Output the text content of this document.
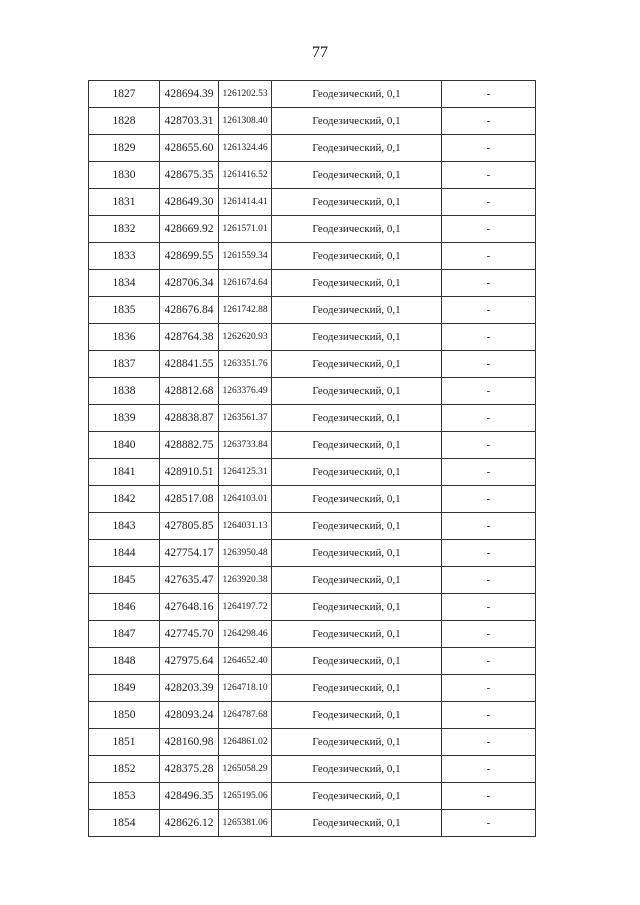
77
1827	428694.39	1261202.53	Геодезический, 0,1	-
1828	428703.31	1261308.40	Геодезический, 0,1	-
1829	428655.60	1261324.46	Геодезический, 0,1	-
1830	428675.35	1261416.52	Геодезический, 0,1	-
1831	428649.30	1261414.41	Геодезический, 0,1	-
1832	428669.92	1261571.01	Геодезический, 0,1	-
1833	428699.55	1261559.34	Геодезический, 0,1	-
1834	428706.34	1261674.64	Геодезический, 0,1	-
1835	428676.84	1261742.88	Геодезический, 0,1	-
1836	428764.38	1262620.93	Геодезический, 0,1	-
1837	428841.55	1263351.76	Геодезический, 0,1	-
1838	428812.68	1263376.49	Геодезический, 0,1	-
1839	428838.87	1263561.37	Геодезический, 0,1	-
1840	428882.75	1263733.84	Геодезический, 0,1	-
1841	428910.51	1264125.31	Геодезический, 0,1	-
1842	428517.08	1264103.01	Геодезический, 0,1	-
1843	427805.85	1264031.13	Геодезический, 0,1	-
1844	427754.17	1263950.48	Геодезический, 0,1	-
1845	427635.47	1263920.38	Геодезический, 0,1	-
1846	427648.16	1264197.72	Геодезический, 0,1	-
1847	427745.70	1264298.46	Геодезический, 0,1	-
1848	427975.64	1264652.40	Геодезический, 0,1	-
1849	428203.39	1264718.10	Геодезический, 0,1	-
1850	428093.24	1264787.68	Геодезический, 0,1	-
1851	428160.98	1264861.02	Геодезический, 0,1	-
1852	428375.28	1265058.29	Геодезический, 0,1	-
1853	428496.35	1265195.06	Геодезический, 0,1	-
1854	428626.12	1265381.06	Геодезический, 0,1	-
